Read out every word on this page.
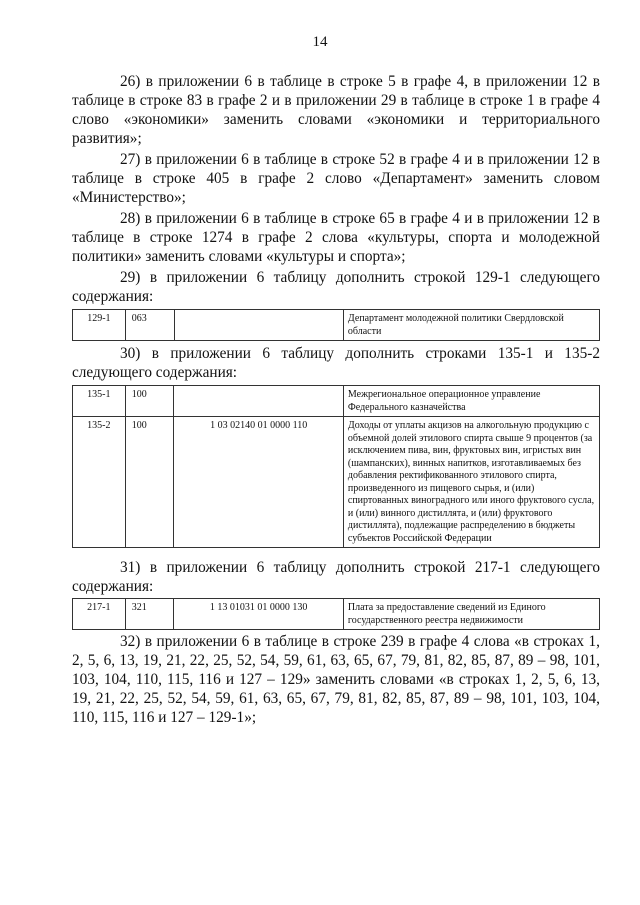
14

26) в приложении 6 в таблице в строке 5 в графе 4, в приложении 12 в таблице в строке 83 в графе 2 и в приложении 29 в таблице в строке 1 в графе 4 слово «экономики» заменить словами «экономики и территориального развития»;

27) в приложении 6 в таблице в строке 52 в графе 4 и в приложении 12 в таблице в строке 405 в графе 2 слово «Департамент» заменить словом «Министерство»;

28) в приложении 6 в таблице в строке 65 в графе 4 и в приложении 12 в таблице в строке 1274 в графе 2 слова «культуры, спорта и молодежной политики» заменить словами «культуры и спорта»;

29) в приложении 6 таблицу дополнить строкой 129-1 следующего содержания:

129-1	063		Департамент молодежной политики Свердловской области

30) в приложении 6 таблицу дополнить строками 135-1 и 135-2 следующего содержания:

135-1	100		Межрегиональное операционное управление Федерального казначейства
135-2	100	1 03 02140 01 0000 110	Доходы от уплаты акцизов на алкогольную продукцию с объемной долей этилового спирта свыше 9 процентов (за исключением пива, вин, фруктовых вин, игристых вин (шампанских), винных напитков, изготавливаемых без добавления ректификованного этилового спирта, произведенного из пищевого сырья, и (или) спиртованных виноградного или иного фруктового сусла, и (или) винного дистиллята, и (или) фруктового дистиллята), подлежащие распределению в бюджеты субъектов Российской Федерации

31) в приложении 6 таблицу дополнить строкой 217-1 следующего содержания:

217-1	321	1 13 01031 01 0000 130	Плата за предоставление сведений из Единого государственного реестра недвижимости

32) в приложении 6 в таблице в строке 239 в графе 4 слова «в строках 1, 2, 5, 6, 13, 19, 21, 22, 25, 52, 54, 59, 61, 63, 65, 67, 79, 81, 82, 85, 87, 89 – 98, 101, 103, 104, 110, 115, 116 и 127 – 129» заменить словами «в строках 1, 2, 5, 6, 13, 19, 21, 22, 25, 52, 54, 59, 61, 63, 65, 67, 79, 81, 82, 85, 87, 89 – 98, 101, 103, 104, 110, 115, 116 и 127 – 129-1»;
